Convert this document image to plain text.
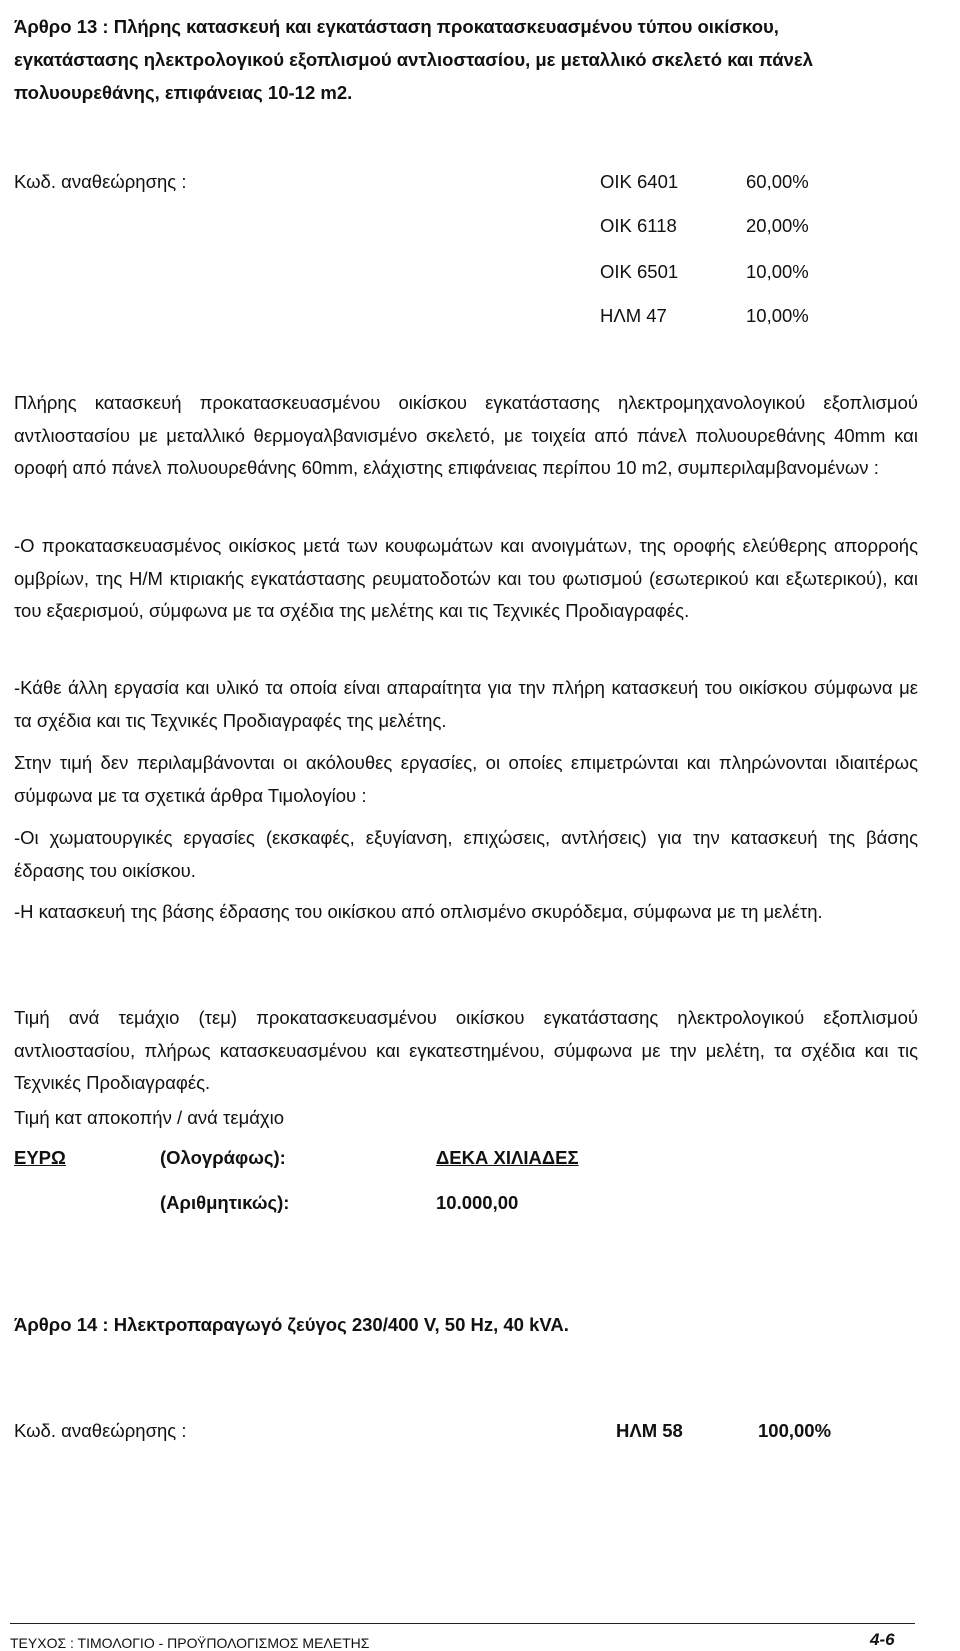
Άρθρο 13 : Πλήρης κατασκευή και εγκατάσταση προκατασκευασμένου τύπου οικίσκου, εγκατάστασης ηλεκτρολογικού εξοπλισμού αντλιοστασίου, με μεταλλικό σκελετό και πάνελ πολυουρεθάνης, επιφάνειας 10-12 m2.

Κωδ. αναθεώρησης :	ΟΙΚ 6401	60,00%
ΟΙΚ 6118	20,00%
ΟΙΚ 6501	10,00%
ΗΛΜ 47	10,00%

Πλήρης κατασκευή προκατασκευασμένου οικίσκου εγκατάστασης ηλεκτρομηχανολογικού εξοπλισμού αντλιοστασίου με μεταλλικό θερμογαλβανισμένο σκελετό, με τοιχεία από πάνελ πολυουρεθάνης 40mm και οροφή από πάνελ πολυουρεθάνης 60mm, ελάχιστης επιφάνειας περίπου 10 m2, συμπεριλαμβανομένων :

-Ο προκατασκευασμένος οικίσκος μετά των κουφωμάτων και ανοιγμάτων, της οροφής ελεύθερης απορροής ομβρίων, της Η/Μ κτιριακής εγκατάστασης ρευματοδοτών και του φωτισμού (εσωτερικού και εξωτερικού), και του εξαερισμού, σύμφωνα με τα σχέδια της μελέτης και τις Τεχνικές Προδιαγραφές.

-Κάθε άλλη εργασία και υλικό τα οποία είναι απαραίτητα για την πλήρη κατασκευή του οικίσκου σύμφωνα με τα σχέδια και τις Τεχνικές Προδιαγραφές της μελέτης.

Στην τιμή δεν περιλαμβάνονται οι ακόλουθες εργασίες, οι οποίες επιμετρώνται και πληρώνονται ιδιαιτέρως σύμφωνα με τα σχετικά άρθρα Τιμολογίου :

-Οι χωματουργικές εργασίες (εκσκαφές, εξυγίανση, επιχώσεις, αντλήσεις) για την κατασκευή της βάσης έδρασης του οικίσκου.

-Η κατασκευή της βάσης έδρασης του οικίσκου από οπλισμένο σκυρόδεμα, σύμφωνα με τη μελέτη.

Τιμή ανά τεμάχιο (τεμ) προκατασκευασμένου οικίσκου εγκατάστασης ηλεκτρολογικού εξοπλισμού αντλιοστασίου, πλήρως κατασκευασμένου και εγκατεστημένου, σύμφωνα με την μελέτη, τα σχέδια και τις Τεχνικές Προδιαγραφές.

Τιμή κατ αποκοπήν / ανά τεμάχιο
ΕΥΡΩ	(Ολογράφως):	ΔΕΚΑ ΧΙΛΙΑΔΕΣ
(Αριθμητικώς):	10.000,00

Άρθρο 14 : Ηλεκτροπαραγωγό ζεύγος 230/400 V, 50 Hz, 40 kVA.

Κωδ. αναθεώρησης :	ΗΛΜ 58	100,00%
ΤΕΥΧΟΣ : ΤΙΜΟΛΟΓΙΟ - ΠΡΟΫΠΟΛΟΓΙΣΜΟΣ ΜΕΛΕΤΗΣ	4-6
